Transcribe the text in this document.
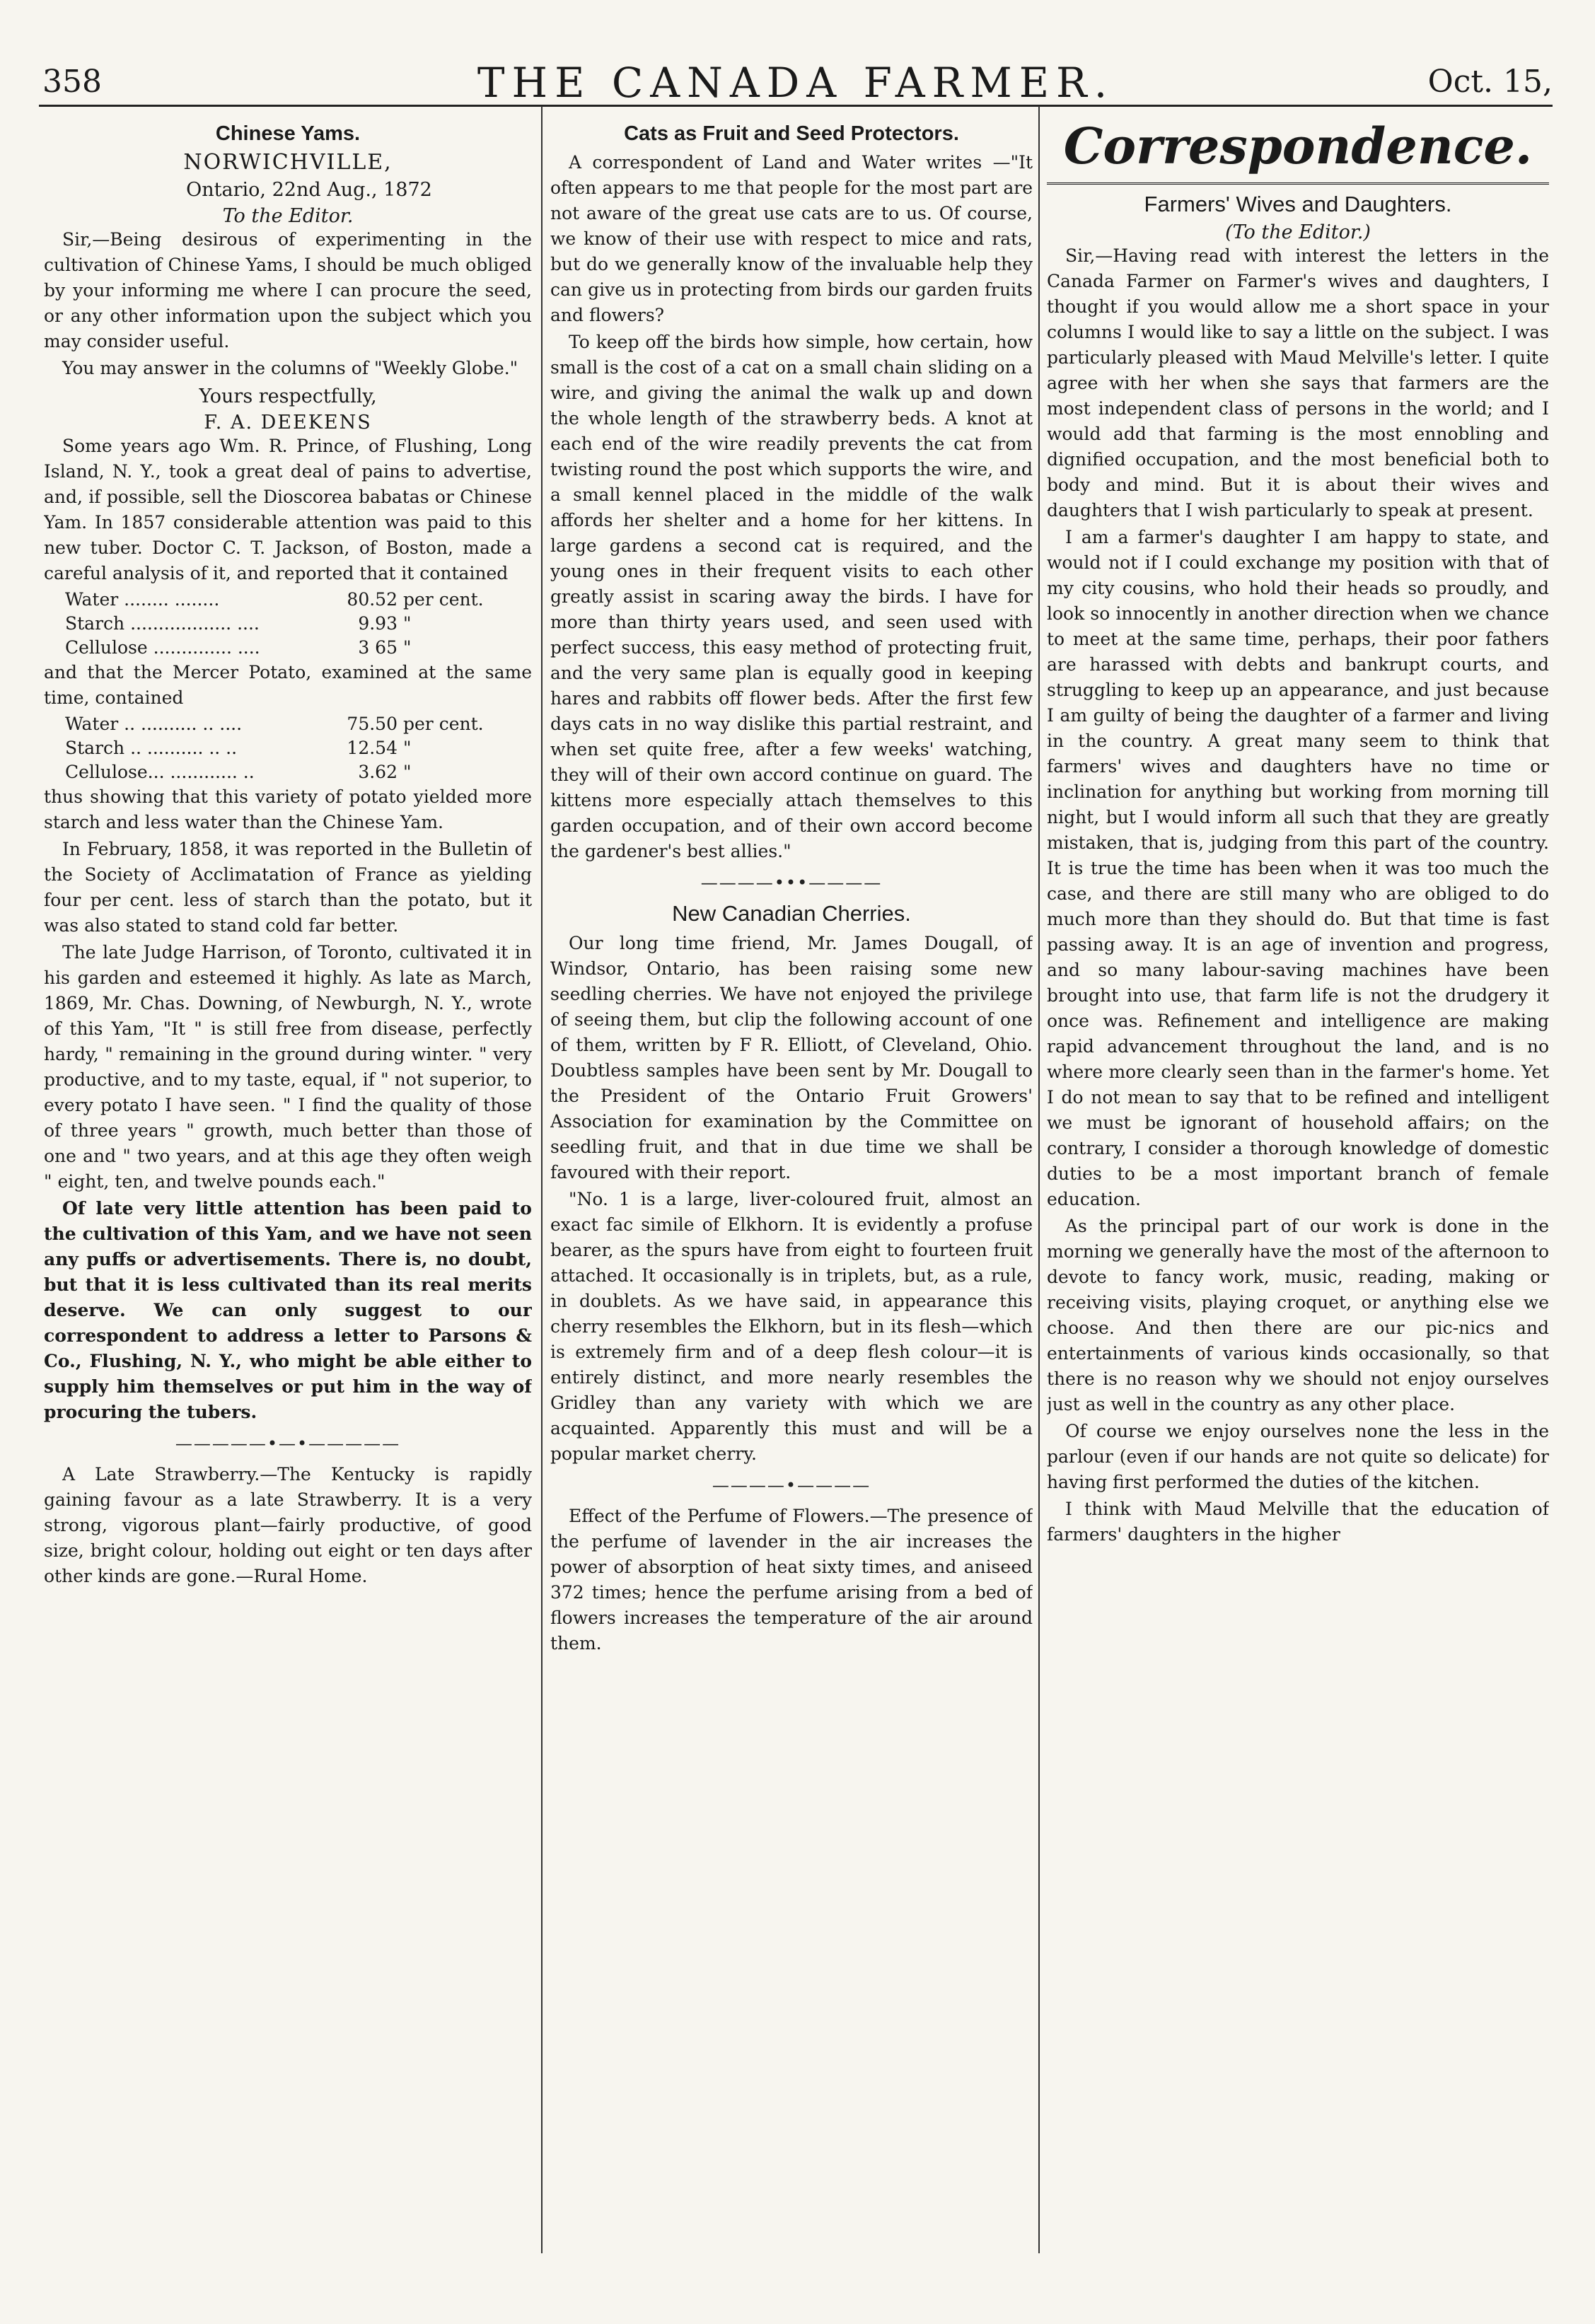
358	THE CANADA FARMER.	Oct. 15,
Chinese Yams.
NORWICHVILLE,
Ontario, 22nd Aug., 1872
To the Editor.

Sir,—Being desirous of experimenting in the cultivation of Chinese Yams, I should be much obliged by your informing me where I can procure the seed, or any other information upon the subject which you may consider useful.

You may answer in the columns of "Weekly Globe."

Yours respectfully,
F. A. DEEKENS

Some years ago Wm. R. Prince, of Flushing, Long Island, N. Y., took a great deal of pains to advertise, and, if possible, sell the Dioscorea babatas or Chinese Yam. In 1857 considerable attention was paid to this new tuber. Doctor C. T. Jackson, of Boston, made a careful analysis of it, and reported that it contained

Water ........ ........	80.52 per cent.
Starch .................. ....	9.93 "
Cellulose .............. ....	3 65 "

and that the Mercer Potato, examined at the same time, contained

Water .. .......... .. ....	75.50 per cent.
Starch .. .......... .. ..	12.54 "
Cellulose... ............ ..	3.62 "

thus showing that this variety of potato yielded more starch and less water than the Chinese Yam.

In February, 1858, it was reported in the Bulletin of the Society of Acclimatation of France as yielding four per cent. less of starch than the potato, but it was also stated to stand cold far better.

The late Judge Harrison, of Toronto, cultivated it in his garden and esteemed it highly. As late as March, 1869, Mr. Chas. Downing, of Newburgh, N. Y., wrote of this Yam, "It " is still free from disease, perfectly hardy, " remaining in the ground during winter. " very productive, and to my taste, equal, if " not superior, to every potato I have seen. " I find the quality of those of three years " growth, much better than those of one and " two years, and at this age they often weigh " eight, ten, and twelve pounds each."

Of late very little attention has been paid to the cultivation of this Yam, and we have not seen any puffs or advertisements. There is, no doubt, but that it is less cultivated than its real merits deserve. We can only suggest to our correspondent to address a letter to Parsons & Co., Flushing, N. Y., who might be able either to supply him themselves or put him in the way of procuring the tubers.

—————•—•—————

A Late Strawberry.—The Kentucky is rapidly gaining favour as a late Strawberry. It is a very strong, vigorous plant—fairly productive, of good size, bright colour, holding out eight or ten days after other kinds are gone.—Rural Home.

Cats as Fruit and Seed Protectors.

A correspondent of Land and Water writes —"It often appears to me that people for the most part are not aware of the great use cats are to us. Of course, we know of their use with respect to mice and rats, but do we generally know of the invaluable help they can give us in protecting from birds our garden fruits and flowers?

To keep off the birds how simple, how certain, how small is the cost of a cat on a small chain sliding on a wire, and giving the animal the walk up and down the whole length of the strawberry beds. A knot at each end of the wire readily prevents the cat from twisting round the post which supports the wire, and a small kennel placed in the middle of the walk affords her shelter and a home for her kittens. In large gardens a second cat is required, and the young ones in their frequent visits to each other greatly assist in scaring away the birds. I have for more than thirty years used, and seen used with perfect success, this easy method of protecting fruit, and the very same plan is equally good in keeping hares and rabbits off flower beds. After the first few days cats in no way dislike this partial restraint, and when set quite free, after a few weeks' watching, they will of their own accord continue on guard. The kittens more especially attach themselves to this garden occupation, and of their own accord become the gardener's best allies."

————•••————
New Canadian Cherries.

Our long time friend, Mr. James Dougall, of Windsor, Ontario, has been raising some new seedling cherries. We have not enjoyed the privilege of seeing them, but clip the following account of one of them, written by F R. Elliott, of Cleveland, Ohio. Doubtless samples have been sent by Mr. Dougall to the President of the Ontario Fruit Growers' Association for examination by the Committee on seedling fruit, and that in due time we shall be favoured with their report.

"No. 1 is a large, liver-coloured fruit, almost an exact fac simile of Elkhorn. It is evidently a profuse bearer, as the spurs have from eight to fourteen fruit attached. It occasionally is in triplets, but, as a rule, in doublets. As we have said, in appearance this cherry resembles the Elkhorn, but in its flesh—which is extremely firm and of a deep flesh colour—it is entirely distinct, and more nearly resembles the Gridley than any variety with which we are acquainted. Apparently this must and will be a popular market cherry.

————•————

Effect of the Perfume of Flowers.—The presence of the perfume of lavender in the air increases the power of absorption of heat sixty times, and aniseed 372 times; hence the perfume arising from a bed of flowers increases the temperature of the air around them.

Correspondence.
Farmers' Wives and Daughters.
(To the Editor.)

Sir,—Having read with interest the letters in the Canada Farmer on Farmer's wives and daughters, I thought if you would allow me a short space in your columns I would like to say a little on the subject. I was particularly pleased with Maud Melville's letter. I quite agree with her when she says that farmers are the most independent class of persons in the world; and I would add that farming is the most ennobling and dignified occupation, and the most beneficial both to body and mind. But it is about their wives and daughters that I wish particularly to speak at present.

I am a farmer's daughter I am happy to state, and would not if I could exchange my position with that of my city cousins, who hold their heads so proudly, and look so innocently in another direction when we chance to meet at the same time, perhaps, their poor fathers are harassed with debts and bankrupt courts, and struggling to keep up an appearance, and just because I am guilty of being the daughter of a farmer and living in the country. A great many seem to think that farmers' wives and daughters have no time or inclination for anything but working from morning till night, but I would inform all such that they are greatly mistaken, that is, judging from this part of the country. It is true the time has been when it was too much the case, and there are still many who are obliged to do much more than they should do. But that time is fast passing away. It is an age of invention and progress, and so many labour-saving machines have been brought into use, that farm life is not the drudgery it once was. Refinement and intelligence are making rapid advancement throughout the land, and is no where more clearly seen than in the farmer's home. Yet I do not mean to say that to be refined and intelligent we must be ignorant of household affairs; on the contrary, I consider a thorough knowledge of domestic duties to be a most important branch of female education.

As the principal part of our work is done in the morning we generally have the most of the afternoon to devote to fancy work, music, reading, making or receiving visits, playing croquet, or anything else we choose. And then there are our pic-nics and entertainments of various kinds occasionally, so that there is no reason why we should not enjoy ourselves just as well in the country as any other place.

Of course we enjoy ourselves none the less in the parlour (even if our hands are not quite so delicate) for having first performed the duties of the kitchen.

I think with Maud Melville that the education of farmers' daughters in the higher
